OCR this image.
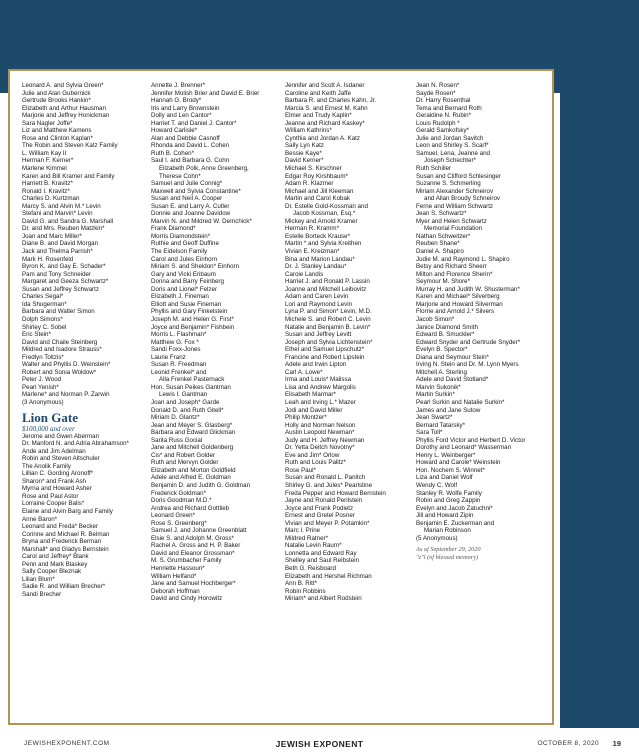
Leonard A. and Sylvia Green*
Julie and Alan Gubernick
Gertrude Brooks Hankin*
Elizabeth and Arthur Hausman
Marjorie and Jeffrey Honickman
Sara Nagler Joffe*
Liz and Matthew Kamens
Rose and Clinton Kaplan*
The Robin and Steven Katz Family
L. William Kay II
Herman F. Kerner*
Marlene Kimmel
Karen and Bill Kramer and Family
Harriett B. Kravitz*
Ronald I. Kravitz*
Charles D. Kurtzman
Marcy S. and Alvin M.* Levin
Stefani and Marvin* Levin
David G. and Sandra G. Marshall
Dr. and Mrs. Reuben Matzkin*
Joan and Marc Miller*
Diane B. and David Morgan
Jack and Thelma Parrish*
Mark H. Rosenfeld
Byron K. and Gay E. Schader*
Pam and Tony Schneider
Margaret and Geeza Schwartz*
Susan and Jeffrey Schwartz
Charles Segal*
Ida Shugerman*
Barbara and Walter Simon
Dolph Simons*
Shirley C. Sobel
Eric Stein*
David and Chaile Steinberg
Mildred and Isadore Strauss*
Fredlyn Toltzis*
Walter and Phyllis D. Weinstein*
Robert and Sonia Woldow*
Peter J. Wood
Pearl Yenish*
Marlene* and Norman P. Zarwin
(3 Anonymous)
Lion Gate
$100,000 and over
Jerome and Gwen Aberman
Dr. Manford N. and Adria Abrahamson*
Ande and Jim Adelman
Robin and Steven Altschuler
The Anolik Family
Lillian C. Gording Aronoff*
Sharon* and Frank Ash
Myrna and Howard Asher
Rose and Paul Astor
Lorraine Cooper Balis*
Elaine and Alvin Barg and Family
Anne Baron*
Leonard and Freda* Becker
Corinne and Michael R. Belman
Bryna and Frederick Berman
Marshall* and Gladys Bernstein
Carol and Jeffrey* Blank
Penn and Mark Blaskey
Sally Cooper Bleznak
Lilian Blum*
Sadie R. and William Brecher*
Sandi Brecher
Annette J. Brenner*
Jennifer Molish Brier and David E. Brier
Hannah G. Brody*
Iris and Larry Brownstein
Dolly and Len Cantor*
Harriet T. and Daniel J. Cantor*
Howard Carlisle*
Alan and Debbie Casnoff
Rhonda and David L. Cohen
Ruth B. Cohen*
Saul I. and Barbara G. Cohn
Elizabeth Polk, Anne Greenberg,
Therese Cohn*
Samuel and Julie Connig*
Maxwell and Sylvia Constantine*
Susan and Neil A. Cooper
Susan E. and Larry A. Cutler
Donnie and Joanne Davidow
Marvin N. and Mildred W. Demchick*
Frank Diamond*
Morris Diamondstein*
Ruthie and Geoff Duffine
The Eidelson Family
Carol and Jules Einhorn
Miriam S. and Sheldon* Einhorn
Gary and Vicki Eribaum
Donna and Barry Feinberg
Doris and Lionel* Felzer
Elizabeth J. Fineman
Elliott and Susie Fineman
Phyllis and Gary Finkelstein
Joseph M. and Helen G. First*
Joyce and Benjamin* Fishbein
Morris L. Flashman*
Matthew G. Fox *
Sandi Foxx-Jones
Laurie Franz
Susan R. Freedman
Leonid Frenkel* and
Alla Frenkel Pasternack
Hon. Susan Peikes Gantman
Lewis I. Gantman
Joan and Joseph* Garde
Donald D. and Ruth Gitell*
Miriam D. Glantz*
Jean and Meyer S. Glasberg*
Barbara and Edward Glickman
Sarita Russ Gocial
Jane and Mitchell Goldenberg
Cis* and Robert Golder
Ruth and Mervyn Golder
Elizabeth and Morton Goldfield
Adele and Alfred E. Goldman
Benjamin D. and Judith G. Goldman
Frederick Goldman*
Doris Goodman M.D.*
Andrea and Richard Gottlieb
Leonard Green*
Rose S. Greenberg*
Samuel J. and Johanne Greenblatt
Elsie S. and Adolph M. Gross*
Rachel A. Gross and H. P. Baker
David and Eleanor Grossman*
M. S. Grumbacher Family
Henriette Hassoun*
William Helfand*
Jane and Samuel Hochberger*
Deborah Hoffman
David and Cindy Horowitz
Jennifer and Scott A. Isdaner
Caroline and Keith Jaffe
Barbara R. and Charles Kahn, Jr.
Marcia S. and Ernest M. Kahn
Elmer and Trudy Kaplin*
Jeanne and Richard Kaskey*
William Kathrins*
Cynthia and Jordan A. Katz
Sally Lyn Katz
Bessie Kaye*
David Kerner*
Michael S. Kirschner
Edgar Roy Kirshbaum*
Adam R. Klazmer
Michael and Jill Kleeman
Martin and Carol Kobak
Dr. Estelle Gold-Kossman and
Jacob Kossman, Esq.*
Mickey and Arnold Kramer
Herman R. Kramm*
Estelle Borteck Krause*
Martin * and Sylvia Kreithen
Vivian E. Kreizman*
Bina and Marion Landau*
Dr. J. Stanley Landau*
Carole Landis
Harriet J. and Ronald P. Lassin
Joanne and Mitchell Leibovitz
Adam and Caren Levin
Lori and Raymond Levin
Lyna P. and Simon* Levin, M.D.
Michele S. and Robert C. Levin
Natalie and Benjamin B. Levin*
Susan and Jeffrey Levitt
Joseph and Sylvia Lichtenstein*
Ethel and Samuel Lipschutz*
Francine and Robert Lipstein
Adele and Irwin Lipton
Carl A. Lowe*
Irma and Louis* Malissa
Lisa and Andrew Margolis
Elisabeth Marmar*
Leah and Irving L.* Mazer
Jodi and David Miller
Philip Montzer*
Holly and Norman Nelson
Austin Leopold Newman*
Judy and H. Jeffrey Newman
Dr. Yetta Deitch Novotny*
Eve and Jim* Orlow
Ruth and Louis Palitz*
Rose Paul*
Susan and Ronald L. Panitch
Shirley G. and Jules* Pearlstine
Freda Pepper and Howard Bernstein
Jayne and Ronald Perilstein
Joyce and Frank Podietz
Ernest and Gretel Posner
Vivian and Meyer P. Potamkin*
Marc I. Prine
Mildred Ratner*
Natalie Levin Raum*
Lonnetta and Edward Ray
Shelley and Saul Reibstein
Beth G. Reisboard
Elizabeth and Hershel Richman
Ann B. Ritt*
Robin Robbins
Miriam* and Albert Rodstein
Jean N. Rosen*
Sayde Rosen*
Dr. Harry Rosenthal
Tema and Bernard Roth
Geraldine N. Rubin*
Louis Rudolph *
Gerald Samkofsky*
Julie and Jordan Savitch
Leon and Shirley S. Scarf*
Samuel, Lena, Jeanne and
Joseph Schechter*
Ruth Schiller
Susan and Clifford Schlesinger
Suzanne S. Schmerling
Miriam Alexander Schneirov
and Allan Broudy Schneirov
Ferne and William Schwartz
Jean S. Schwartz*
Myer and Helen Schwartz
Memorial Foundation
Nathan Schweitzer*
Reuben Shane*
Daniel A. Shapiro
Judie M. and Raymond L. Shapiro
Betsy and Richard Sheerr
Milton and Florence Sherin*
Seymour M. Shore*
Murray H. and Judith W. Shusterman*
Karen and Michael* Silverberg
Marjorie and Howard Silverman
Florrie and Arnold J.* Silvers
Jacob Simon*
Janice Diamond Smith
Edward B. Smuckler*
Edward Snyder and Gertrude Snyder*
Evelyn B. Spector*
Diana and Seymour Stein*
Irving N. Stein and Dr. M. Lynn Myers
Mitchell A. Sterling
Adele and David Stotland*
Marvin Sukonik*
Martin Surkin*
Pearl Surkin and Natalie Surkin*
James and Jane Sutow
Jean Swartz*
Bernard Tatarsky*
Sara Toll*
Phyllis Ford Victor and Herbert D. Victor
Dorothy and Leonard* Wasserman
Henry L. Weinberger*
Howard and Carole* Weinstein
Hon. Nochem S. Winnet*
Liza and Daniel Wolf
Wendy C. Wolf
Stanley R. Wolfe Family
Robin and Greg Zappin
Evelyn and Jacob Zatuchni*
Jill and Howard Zipin
Benjamin E. Zuckerman and
Marian Robinson
(5 Anonymous)
As of September 29, 2020
"z"l (of blessed memory)
JEWISHEXPONENT.COM	JEWISH EXPONENT	OCTOBER 8, 2020 19
